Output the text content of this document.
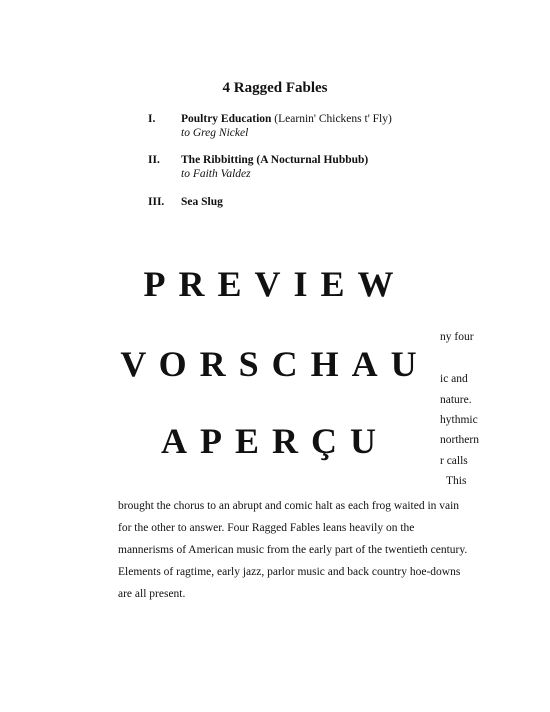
4 Ragged Fables
I. Poultry Education (Learnin' Chickens t' Fly)
to Greg Nickel
II. The Ribbitting (A Nocturnal Hubbub)
to Faith Valdez
III. Sea Slug
PREVIEW
VORSCHAU
APERÇU
ny four
ic and
nature.
hythmic
northern
r calls
This
brought the chorus to an abrupt and comic halt as each frog waited in vain
for the other to answer. Four Ragged Fables leans heavily on the
mannerisms of American music from the early part of the twentieth century.
Elements of ragtime, early jazz, parlor music and back country hoe-downs
are all present.
